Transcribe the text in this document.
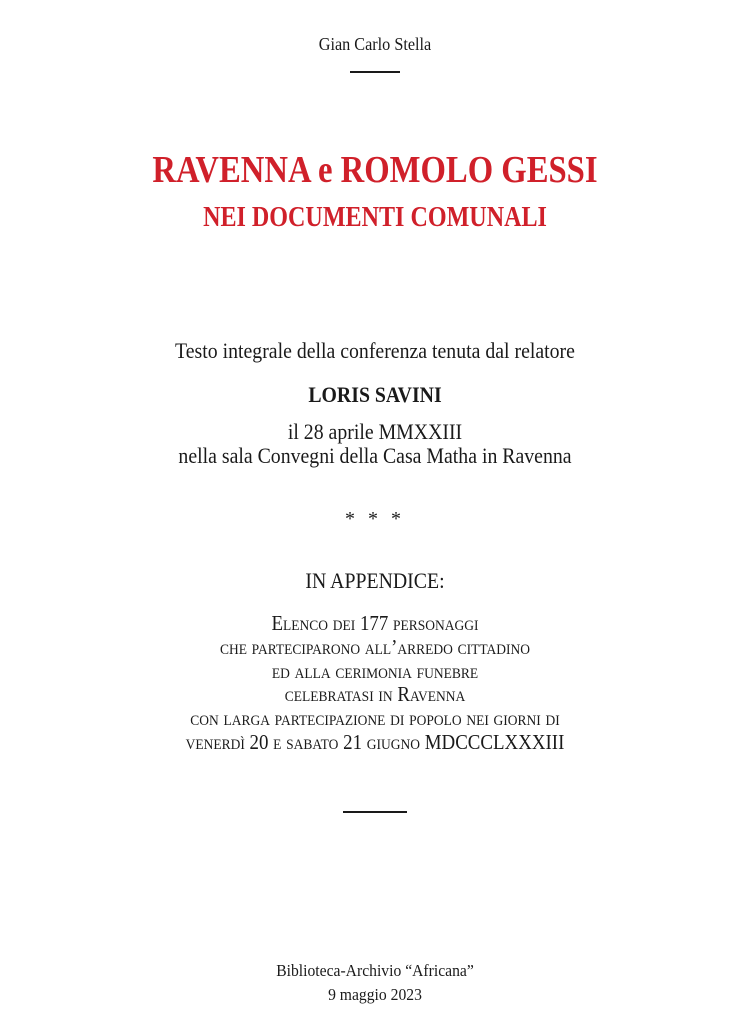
Gian Carlo Stella
RAVENNA e ROMOLO GESSI
NEI DOCUMENTI COMUNALI
Testo integrale della conferenza tenuta dal relatore
LORIS SAVINI
il 28 aprile MMXXIII
nella sala Convegni della Casa Matha in Ravenna
* * *
IN APPENDICE:
Elenco dei 177 personaggi
che parteciparono all’arredo cittadino
ed alla cerimonia funebre
celebratasi in Ravenna
con larga partecipazione di popolo nei giorni di
venerdì 20 e sabato 21 giugno MDCCCLXXXIII
Biblioteca-Archivio “Africana”
9 maggio 2023
